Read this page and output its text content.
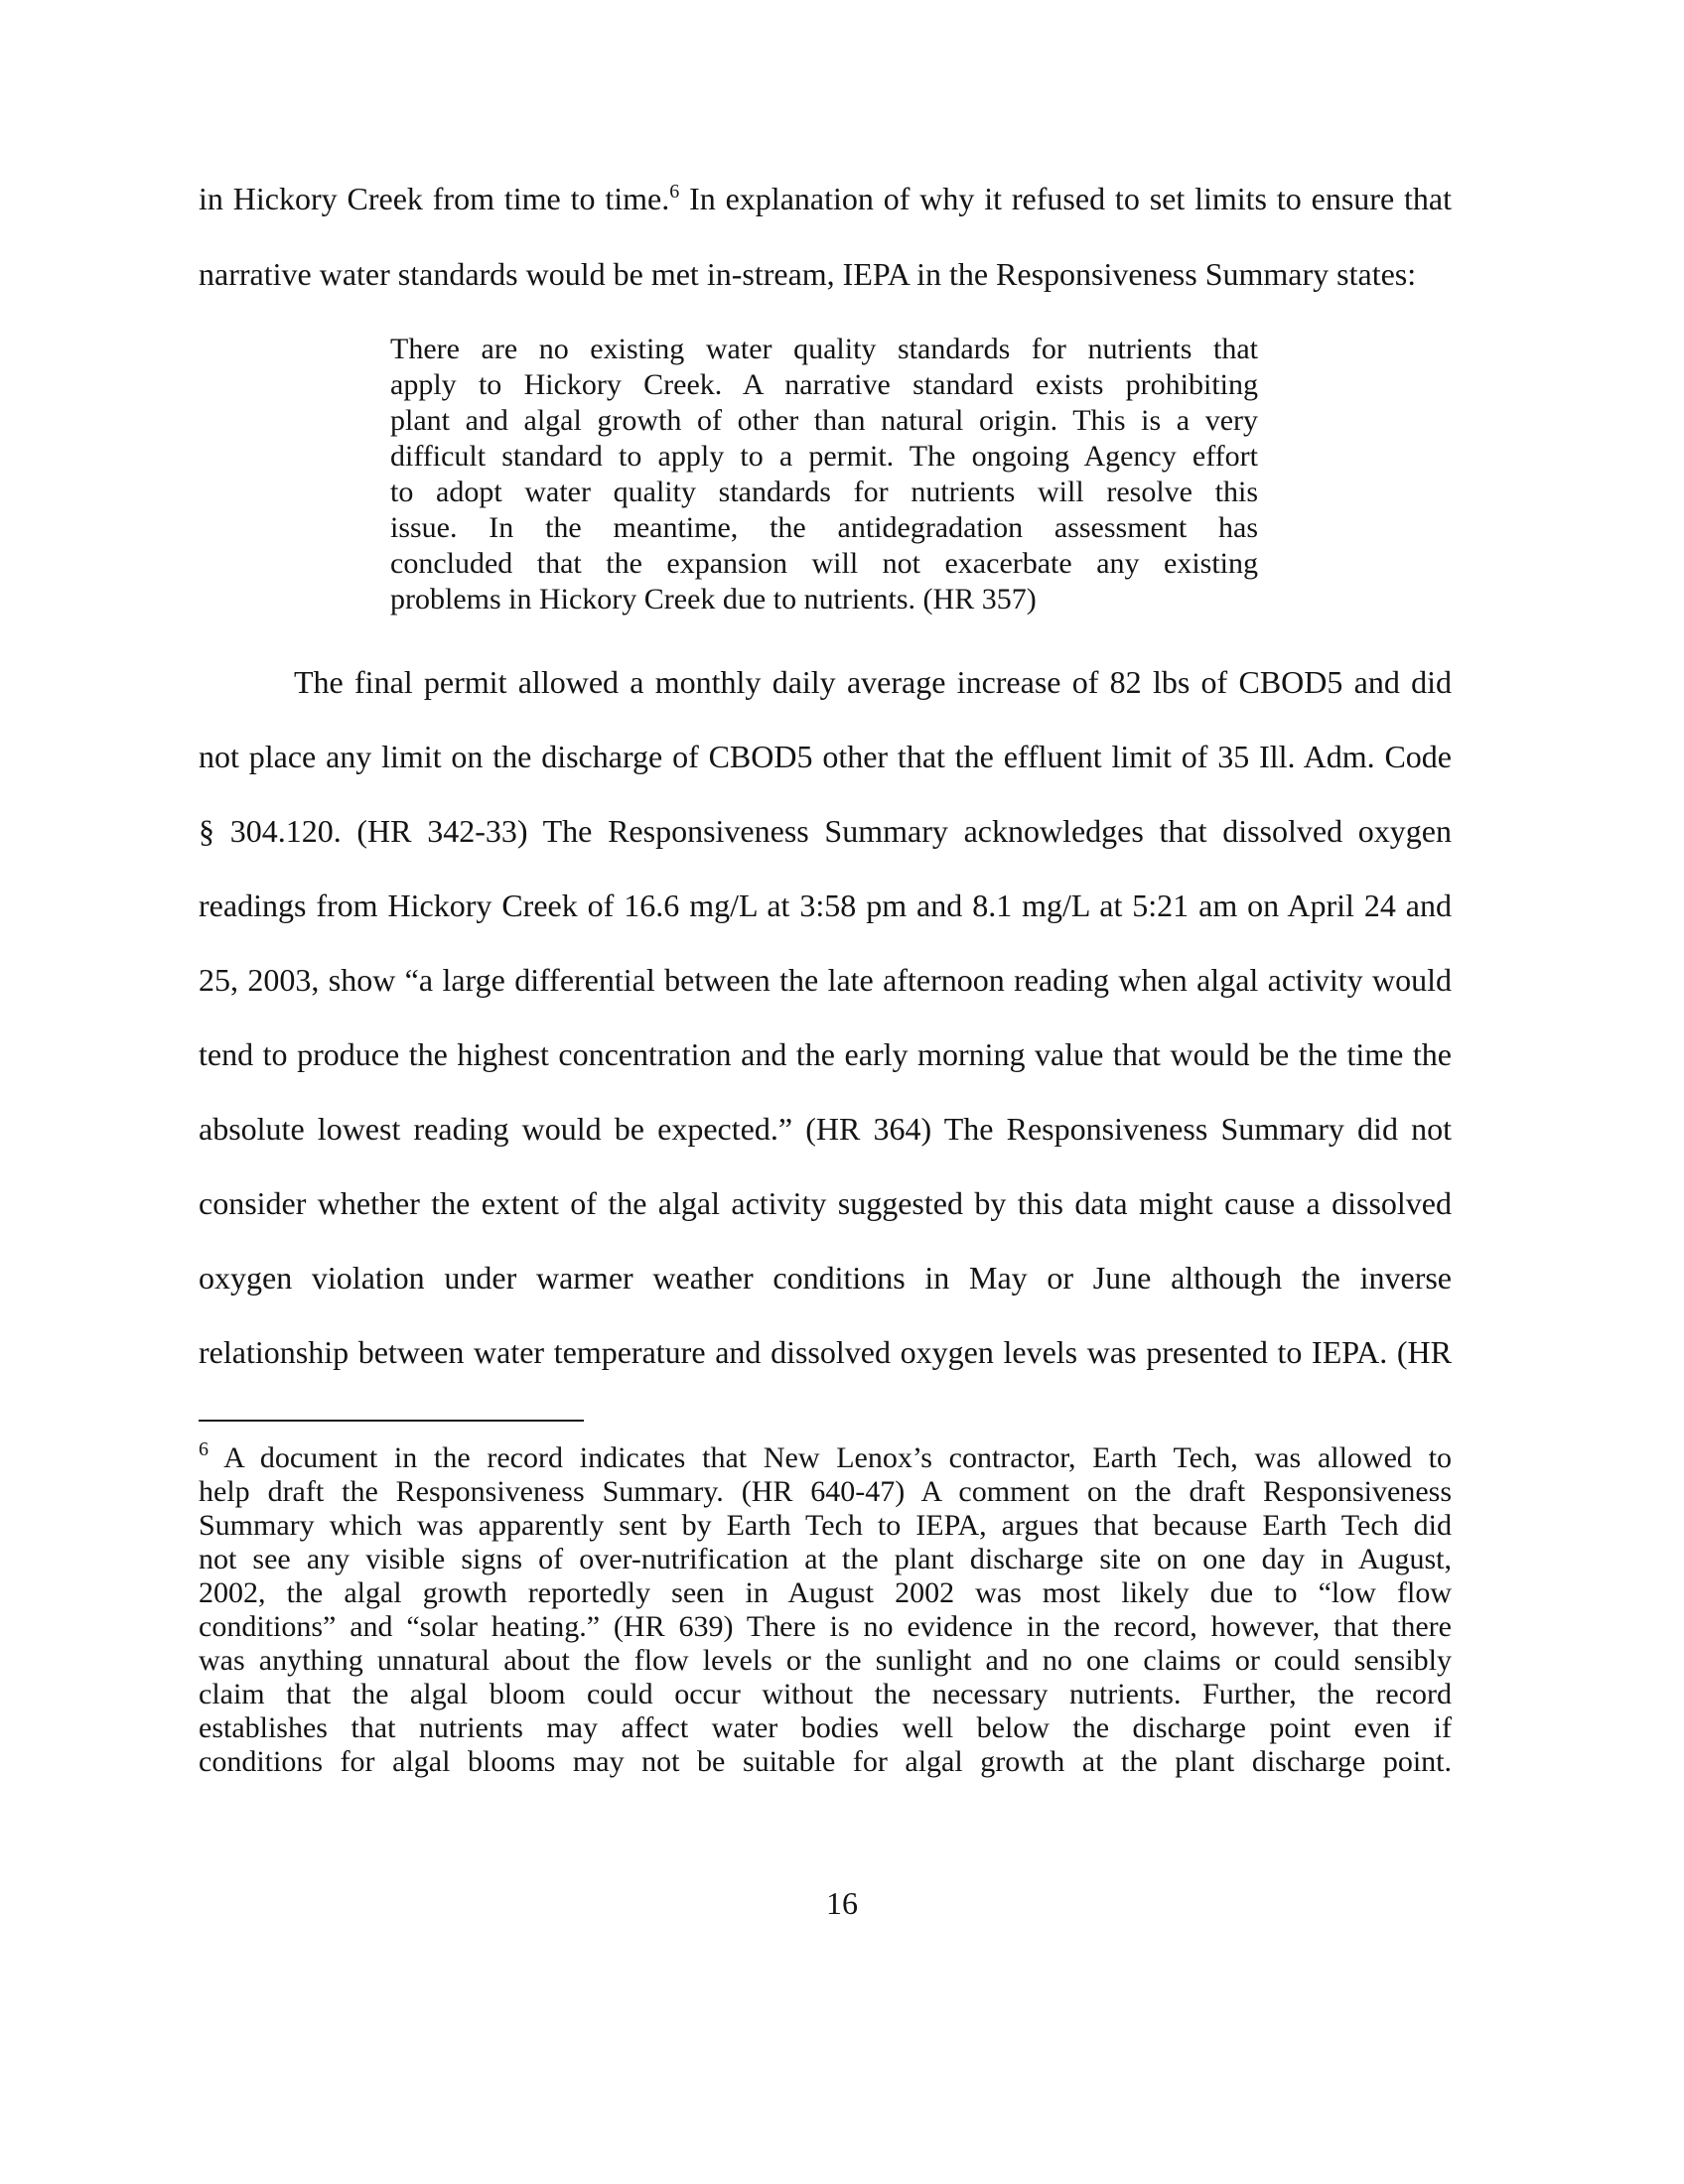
in Hickory Creek from time to time.$^6$ In explanation of why it refused to set limits to ensure that
narrative water standards would be met in-stream, IEPA in the Responsiveness Summary states:
There are no existing water quality standards for nutrients that
apply to Hickory Creek. A narrative standard exists prohibiting
plant and algal growth of other than natural origin. This is a very
difficult standard to apply to a permit. The ongoing Agency effort
to adopt water quality standards for nutrients will resolve this
issue. In the meantime, the antidegradation assessment has
concluded that the expansion will not exacerbate any existing
problems in Hickory Creek due to nutrients. (HR 357)
The final permit allowed a monthly daily average increase of 82 lbs of CBOD5 and did
not place any limit on the discharge of CBOD5 other that the effluent limit of 35 Ill. Adm. Code
§ 304.120. (HR 342-33) The Responsiveness Summary acknowledges that dissolved oxygen
readings from Hickory Creek of 16.6 mg/L at 3:58 pm and 8.1 mg/L at 5:21 am on April 24 and
25, 2003, show “a large differential between the late afternoon reading when algal activity would
tend to produce the highest concentration and the early morning value that would be the time the
absolute lowest reading would be expected.” (HR 364) The Responsiveness Summary did not
consider whether the extent of the algal activity suggested by this data might cause a dissolved
oxygen violation under warmer weather conditions in May or June although the inverse
relationship between water temperature and dissolved oxygen levels was presented to IEPA. (HR
$^6$ A document in the record indicates that New Lenox’s contractor, Earth Tech, was allowed to
help draft the Responsiveness Summary. (HR 640-47) A comment on the draft Responsiveness
Summary which was apparently sent by Earth Tech to IEPA, argues that because Earth Tech did
not see any visible signs of over-nutrification at the plant discharge site on one day in August,
2002, the algal growth reportedly seen in August 2002 was most likely due to “low flow
conditions” and “solar heating.” (HR 639) There is no evidence in the record, however, that there
was anything unnatural about the flow levels or the sunlight and no one claims or could sensibly
claim that the algal bloom could occur without the necessary nutrients. Further, the record
establishes that nutrients may affect water bodies well below the discharge point even if
conditions for algal blooms may not be suitable for algal growth at the plant discharge point.
16
